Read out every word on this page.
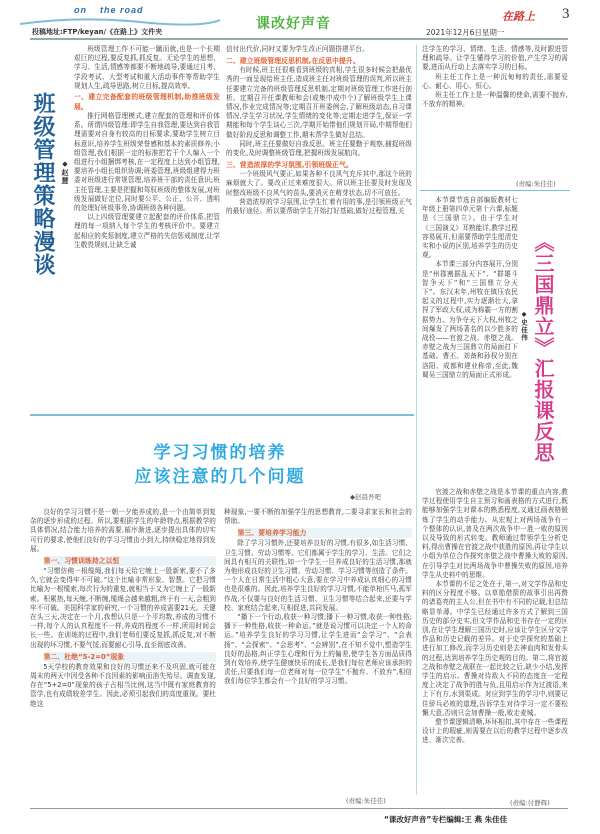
on the road
投稿地址:FTP/keyan/《在路上》文件夹	课改好声音	在路上 3
2021年12月6日星期一
班级管理策略漫谈 ◆赵慧

班级管理工作不可能一蹴而就,也是一个长期艰巨的过程,要反复抓,抓反复。无论学生的思想、学习、生活,情感等都要不断地疏导,要通过月考、学段考试、大型考试和重大活动事件等帮助学生规划人生,疏导思路,树立目标,提高效率。

一、建立完备配套的班级管理机制,助推班级发展。

推行网格管理模式,建立配套的管理和评价体系。所谓四级管理:即学生自我管理,要达到自我管理需要对自身有较高的目标要求,要助学生树立目标意识,培养学生班级荣誉感和基本的素质修养;小组管理,我们根据一定的标准把若干个人编入一个组进行小组捆绑考核,在一定程度上达到小组管理,要培养小组长组织协调;班委管理,班级组建得力班委对班级进行常规管理,培养班干部的责任意识;班主任管理,主要是把握和驾驭班级的整体发展,对班级发展做好定位,同时要公平、公正、公开、透明的处理好班级事务,协调班级各种问题。

以上四级管理要建立起配套的评价体系,把管理的每一项纳入每个学生的考核评价中。要建立起相应的奖惩制度,建立严格的失信惩戒制度,让学生敬畏规则,让缺乏诚

信付出代价,同时又要为学生改正问题搭建平台。

二、建立班级管理反思机制,在反思中提升。

有时候,班主任很难看到班级的真相,学生很多时候会把最优秀的一面呈现给班主任,造成班主任对班级管理的误判,所以班主任要建立完备的班级管理反思机制,定期对班级管理工作进行剖析。定期召开任课教师和会(或集中成中个)了解班级学生上课情况,作业完成情况等;定期召开班委例会,了解班级动态,自习课情况,学生学习状况,学生情绪的变化等;定期走进学生,保证一学期能和每个学生谈心三次,学期开始带他们规划开局,中期帮他们做好阶段反思和调整工作,期末帮学生做好总结。

同时,班主任要做好自我反思。班主任要勤于观察,捕捉班级的变化,及时调整班级管理,把握班级发展航向。

三、营造浓厚的学习氛围,引领班级正气。

一个班级风气要正,如果各种不良风气充斥其中,那这个班的麻烦就大了。要改正过来难度很大。所以班主任要及时发现及时整改班级不良风气的苗头,要消灭在萌芽状态,切不可放任。

营造浓厚的学习氛围,让学生忙着有用的事,是引领班级正气的最好途径。所以要帮助学生开始打好基础,做好过程管理,关

注学生的学习、情绪、生活、情感等,及时跟进管理和疏导。让学生懂得学习的价值,产生学习的需要,进而从行动上去落实学习的目标。

班主任工作上是一种沉甸甸的责任,需要爱心、耐心、用心、恒心。

班主任工作上是一种温馨的使命,需要不抛弃,不放弃的精神。

(责编:朱佳佳)
学习习惯的培养
应该注意的几个问题
◆赵晨吾吧

良好的学习习惯不是一朝一夕能养成的,是一个由简单到复杂的逐步形成的过程。所以,要根据学生的年龄特点,根据教学的具体情况,结合能力培养的需要,循序渐进,逐步提出具体的切实可行的要求,使他们良好的学习习惯由小到大,持续稳定地得到发展。

第一、习惯训练持之以恒

“习惯仿佛一根缆绳,我们每天给它缠上一股新索,要不了多久,它就会变得牢不可破。”这个比喻非常形象、智慧。它把习惯比喻为一根缆索,每次行为的重复,就相当于又为它缠上了一股新索。积累热,每天缠,不断缠,缆绳会越来越粗,终于有一天,会粗到牢不可破。美国科学家的研究,一个习惯的养成需要21天。关键在头三天,决定在一个月,我想认只是一个平均数,养成的习惯不一样,每个人的认真程度不一样,养成的程度不一样,所用时间会长一些。在训练的过程中,我们老师们要反复抓,抓反复,对不断出现的坏习惯,不要气馁,而要耐心引导,直至彻底改善。

第二、杜绝“5-2=0”现象

5天学校的教育效果和良好的习惯还来不及巩固,就可能在周末的两天中因受各种不良因素的影响而消失殆尽。调查发现,存在“5+2=0”现象的孩子占相当比例,这当中既有家庭教育的管学,也有成绩较差学生。因此,必须引起我们的高度重视。要杜绝这

种现象,一要不断的加强学生的思想教育,二要寻求家长和社会的帮助。

第三、要培养学习能力

除了学习习惯外,还要培养良好的习惯,有很多,如生活习惯、卫生习惯、劳动习惯等。它们都属于学生的学习、生活。它们之间具有相互的关联性,如一个学生一旦养成良好的生活习惯,那就为他形成良好的卫生习惯、劳动习惯、学习习惯等创造了条件。一个人在日常生活中粗心大意,要在学习中养成认真细心的习惯也是很难的。因此,培养学生良好的学习习惯,不能单枪匹马,孤军作战,不仅要与良好的生活习惯、卫生习惯等结合起来,还要与学校、家庭结合起来,互相促进,共同发展。

“播下一个行动,收获一种习惯;播下一种习惯,收获一种性格;播下一种性格,收获一种命运。”就是说习惯可以决定一个人的命运。”培养学生良好的学习习惯,让学生进而“会学习”、“会表扬”、“会探索”、“会思考”、“会辨别”,在不知不觉中,塑造学生良好的品格,纠正学生心理和行为上的偏差,使学生各方面品质得到有效培养,使学生健康快乐的成长,是我们每位老师应该承担的责任,只要我们每一位老师对每一位学生“不抛弃、不放弃”,相信我们每位学生都会有一个良好的学习习惯。

(责编:朱佳佳)

本节课节选自部编版教材七年级上册第四单元第十六课,标题是《三国鼎立》。由于学生对《三国演义》耳熟能详,教学过程容易展开,但需要帮助学生厘清史实和小说的区别,培养学生的历史观。

本节课三部分内容展开,分别是“州郡割据乱天下”、“群雄斗智争天下”和“三国鼎立分天下”。东汉末年,州牧在镇压农民起义的过程中,实力逐渐壮大,拿捏了军政大权,成为称霸一方的割据势力。为争夺天下大权,州牧之间爆发了两场著名的以少胜多的战役——官渡之战、赤壁之战。赤壁之战为三国鼎立的局面打下基础。曹丕、刘备和孙权分别在洛阳、成都和建业称帝,至此,魏蜀吴三国鼎立的局面正式形成。 《三国鼎立》汇报课反思
◆史佳伟

官渡之战和赤壁之战是本节课的重点内容,教学过程使用学生自主预习和画表格的方式进行,既能够加强学生对课本的熟悉程度,又通过画表格锻炼了学生的动手能力。从宏观上对两场战争有一个整体的认识,普及在两次战争中一胜一败的原因以及导致的形式转变。教师通过带领学生分析史料,得出曹操在官渡之战中获胜的原因,再让学生以小组为单位合作探究赤壁之战中曹操大败的原因,在引导学生对比两场战争中曹操失败的原因,培养学生从史料中的思维。

本节课的不足之处在于,第一,对文学作品和史料的区分程度不够。以草船借箭的故事引出再赘的诸葛亮的主人公,但在书中有不同的记载,但总结略显单薄。中学生已经通过许多方式了解到三国历史的部分史实,但文学作品和史书存在一定的区别,在让学生理解三国历史时,应该让学生区分文学作品和历史记载的差异。对于史学探究的基础上进行加工修改,而学习历史则是去神血肉和发骨头的过程,达到培养学生历史观的目的。第二,将官渡之战和赤壁之战联在一起比较之后,缺少小结,发挥学生的启示。曹操对待敌人不同的态度在一定程度上决定了战争的胜与负,且用启示作为过渡语,来上下有方,水到渠成。对应到学生的学习中,则要记住骄兵必败的道理,告诉学生对待学习一定不要松懈大意,否则只会加曹操一般,败走麦城。

整节课逻辑清晰,环环相扣,其中存在一些课程设计上的瑕疵,则需要在以后的教学过程中逐步改进、渐次完善。

(责编:付静辉)
“课改好声音”专栏编辑:王 燕 朱佳佳
